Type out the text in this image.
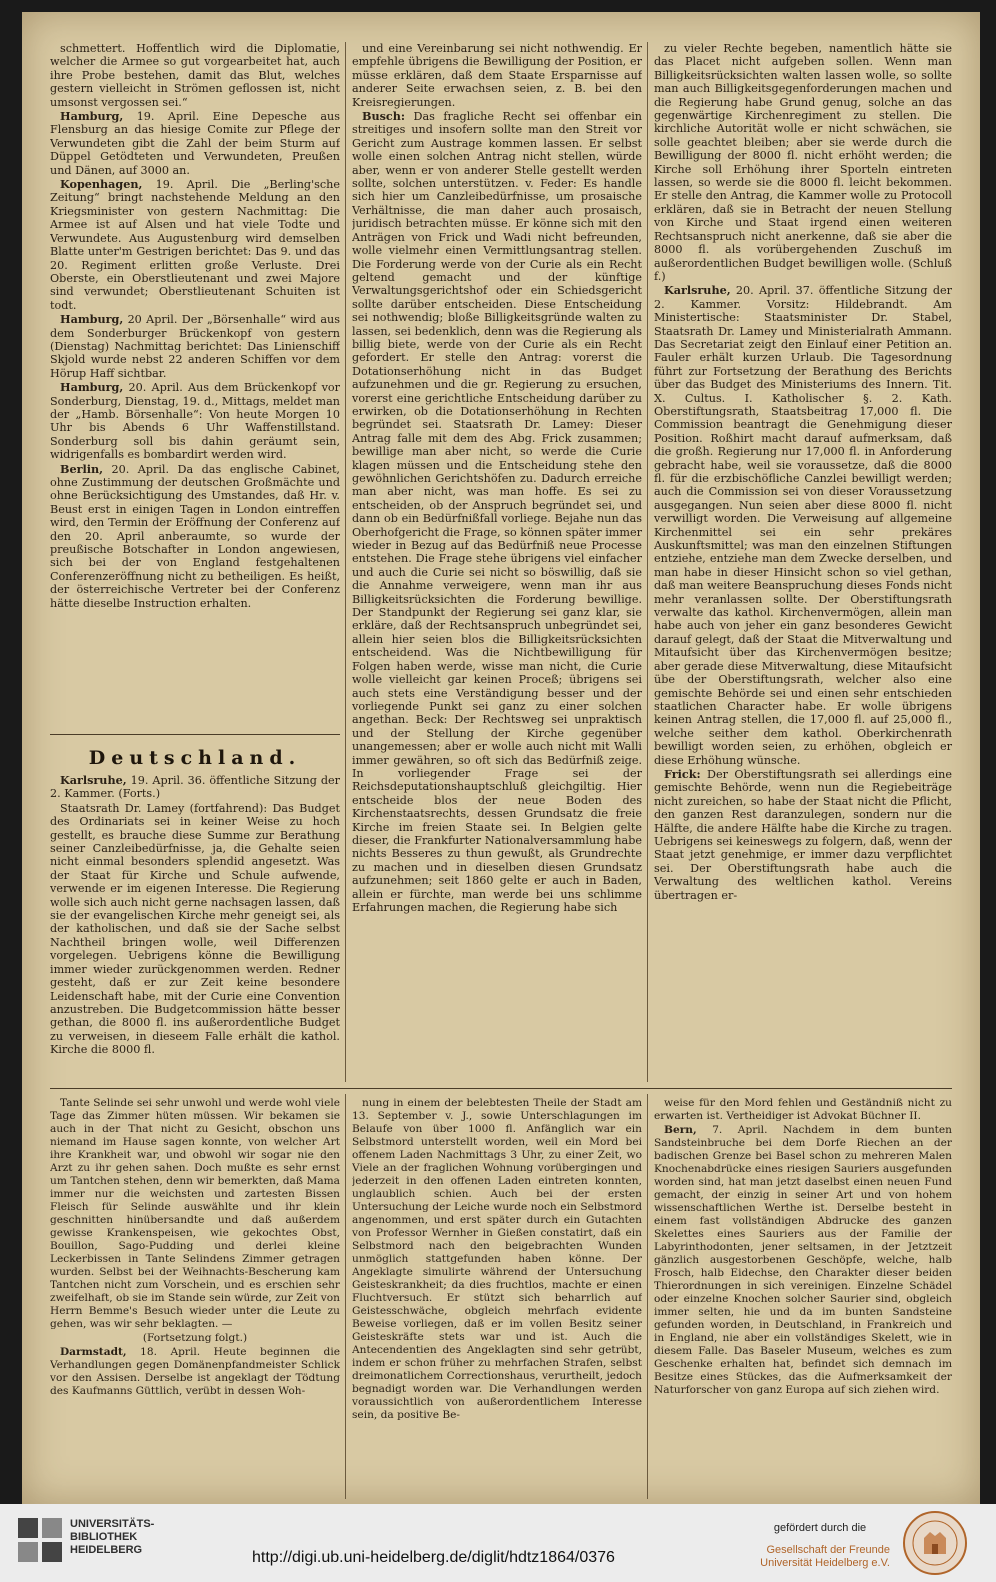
schmettert. Hoffentlich wird die Diplomatie, welcher die Armee so gut vorgearbeitet hat, auch ihre Probe bestehen, damit das Blut, welches gestern vielleicht in Strömen geflossen ist, nicht umsonst vergossen sei.“

Hamburg, 19. April. Eine Depesche aus Flensburg an das hiesige Comite zur Pflege der Verwundeten gibt die Zahl der beim Sturm auf Düppel Getödteten und Verwundeten, Preußen und Dänen, auf 3000 an.

Kopenhagen, 19. April. Die „Berling'sche Zeitung“ bringt nachstehende Meldung an den Kriegsminister von gestern Nachmittag: Die Armee ist auf Alsen und hat viele Todte und Verwundete. Aus Augustenburg wird demselben Blatte unter'm Gestrigen berichtet: Das 9. und das 20. Regiment erlitten große Verluste. Drei Oberste, ein Oberstlieutenant und zwei Majore sind verwundet; Oberstlieutenant Schuiten ist todt.

Hamburg, 20 April. Der „Börsenhalle“ wird aus dem Sonderburger Brückenkopf von gestern (Dienstag) Nachmittag berichtet: Das Linienschiff Skjold wurde nebst 22 anderen Schiffen vor dem Hörup Haff sichtbar.

Hamburg, 20. April. Aus dem Brückenkopf vor Sonderburg, Dienstag, 19. d., Mittags, meldet man der „Hamb. Börsenhalle“: Von heute Morgen 10 Uhr bis Abends 6 Uhr Waffenstillstand. Sonderburg soll bis dahin geräumt sein, widrigenfalls es bombardirt werden wird.

Berlin, 20. April. Da das englische Cabinet, ohne Zustimmung der deutschen Großmächte und ohne Berücksichtigung des Umstandes, daß Hr. v. Beust erst in einigen Tagen in London eintreffen wird, den Termin der Eröffnung der Conferenz auf den 20. April anberaumte, so wurde der preußische Botschafter in London angewiesen, sich bei der von England festgehaltenen Conferenzeröffnung nicht zu betheiligen. Es heißt, der österreichische Vertreter bei der Conferenz hätte dieselbe Instruction erhalten.

Deutschland.

Karlsruhe, 19. April. 36. öffentliche Sitzung der 2. Kammer. (Forts.)

Staatsrath Dr. Lamey (fortfahrend): Das Budget des Ordinariats sei in keiner Weise zu hoch gestellt, es brauche diese Summe zur Berathung seiner Canzleibedürfnisse, ja, die Gehalte seien nicht einmal besonders splendid angesetzt. Was der Staat für Kirche und Schule aufwende, verwende er im eigenen Interesse. Die Regierung wolle sich auch nicht gerne nachsagen lassen, daß sie der evangelischen Kirche mehr geneigt sei, als der katholischen, und daß sie der Sache selbst Nachtheil bringen wolle, weil Differenzen vorgelegen. Uebrigens könne die Bewilligung immer wieder zurückgenommen werden. Redner gesteht, daß er zur Zeit keine besondere Leidenschaft habe, mit der Curie eine Convention anzustreben. Die Budgetcommission hätte besser gethan, die 8000 fl. ins außerordentliche Budget zu verweisen, in dieseem Falle erhält die kathol. Kirche die 8000 fl.

und eine Vereinbarung sei nicht nothwendig. Er empfehle übrigens die Bewilligung der Position, er müsse erklären, daß dem Staate Ersparnisse auf anderer Seite erwachsen seien, z. B. bei den Kreisregierungen.

Busch: Das fragliche Recht sei offenbar ein streitiges und insofern sollte man den Streit vor Gericht zum Austrage kommen lassen. Er selbst wolle einen solchen Antrag nicht stellen, würde aber, wenn er von anderer Stelle gestellt werden sollte, solchen unterstützen. v. Feder: Es handle sich hier um Canzleibedürfnisse, um prosaische Verhältnisse, die man daher auch prosaisch, juridisch betrachten müsse. Er könne sich mit den Anträgen von Frick und Wadi nicht befreunden, wolle vielmehr einen Vermittlungsantrag stellen. Die Forderung werde von der Curie als ein Recht geltend gemacht und der künftige Verwaltungsgerichtshof oder ein Schiedsgericht sollte darüber entscheiden. Diese Entscheidung sei nothwendig; bloße Billigkeitsgründe walten zu lassen, sei bedenklich, denn was die Regierung als billig biete, werde von der Curie als ein Recht gefordert. Er stelle den Antrag: vorerst die Dotationserhöhung nicht in das Budget aufzunehmen und die gr. Regierung zu ersuchen, vorerst eine gerichtliche Entscheidung darüber zu erwirken, ob die Dotationserhöhung in Rechten begründet sei. Staatsrath Dr. Lamey: Dieser Antrag falle mit dem des Abg. Frick zusammen; bewillige man aber nicht, so werde die Curie klagen müssen und die Entscheidung stehe den gewöhnlichen Gerichtshöfen zu. Dadurch erreiche man aber nicht, was man hoffe. Es sei zu entscheiden, ob der Anspruch begründet sei, und dann ob ein Bedürfnißfall vorliege. Bejahe nun das Oberhofgericht die Frage, so können später immer wieder in Bezug auf das Bedürfniß neue Processe entstehen. Die Frage stehe übrigens viel einfacher und auch die Curie sei nicht so böswillig, daß sie die Annahme verweigere, wenn man ihr aus Billigkeitsrücksichten die Forderung bewillige. Der Standpunkt der Regierung sei ganz klar, sie erkläre, daß der Rechtsanspruch unbegründet sei, allein hier seien blos die Billigkeitsrücksichten entscheidend. Was die Nichtbewilligung für Folgen haben werde, wisse man nicht, die Curie wolle vielleicht gar keinen Proceß; übrigens sei auch stets eine Verständigung besser und der vorliegende Punkt sei ganz zu einer solchen angethan. Beck: Der Rechtsweg sei unpraktisch und der Stellung der Kirche gegenüber unangemessen; aber er wolle auch nicht mit Walli immer gewähren, so oft sich das Bedürfniß zeige. In vorliegender Frage sei der Reichsdeputationshauptschluß gleichgiltig. Hier entscheide blos der neue Boden des Kirchenstaatsrechts, dessen Grundsatz die freie Kirche im freien Staate sei. In Belgien gelte dieser, die Frankfurter Nationalversammlung habe nichts Besseres zu thun gewußt, als Grundrechte zu machen und in dieselben diesen Grundsatz aufzunehmen; seit 1860 gelte er auch in Baden, allein er fürchte, man werde bei uns schlimme Erfahrungen machen, die Regierung habe sich

zu vieler Rechte begeben, namentlich hätte sie das Placet nicht aufgeben sollen. Wenn man Billigkeitsrücksichten walten lassen wolle, so sollte man auch Billigkeitsgegenforderungen machen und die Regierung habe Grund genug, solche an das gegenwärtige Kirchenregiment zu stellen. Die kirchliche Autorität wolle er nicht schwächen, sie solle geachtet bleiben; aber sie werde durch die Bewilligung der 8000 fl. nicht erhöht werden; die Kirche soll Erhöhung ihrer Sporteln eintreten lassen, so werde sie die 8000 fl. leicht bekommen. Er stelle den Antrag, die Kammer wolle zu Protocoll erklären, daß sie in Betracht der neuen Stellung von Kirche und Staat irgend einen weiteren Rechtsanspruch nicht anerkenne, daß sie aber die 8000 fl. als vorübergehenden Zuschuß im außerordentlichen Budget bewilligen wolle. (Schluß f.)

Karlsruhe, 20. April. 37. öffentliche Sitzung der 2. Kammer. Vorsitz: Hildebrandt. Am Ministertische: Staatsminister Dr. Stabel, Staatsrath Dr. Lamey und Ministerialrath Ammann. Das Secretariat zeigt den Einlauf einer Petition an. Fauler erhält kurzen Urlaub. Die Tagesordnung führt zur Fortsetzung der Berathung des Berichts über das Budget des Ministeriums des Innern. Tit. X. Cultus. I. Katholischer §. 2. Kath. Oberstiftungsrath, Staatsbeitrag 17,000 fl. Die Commission beantragt die Genehmigung dieser Position. Roßhirt macht darauf aufmerksam, daß die großh. Regierung nur 17,000 fl. in Anforderung gebracht habe, weil sie voraussetze, daß die 8000 fl. für die erzbischöfliche Canzlei bewilligt werden; auch die Commission sei von dieser Voraussetzung ausgegangen. Nun seien aber diese 8000 fl. nicht verwilligt worden. Die Verweisung auf allgemeine Kirchenmittel sei ein sehr prekäres Auskunftsmittel; was man den einzelnen Stiftungen entziehe, entziehe man dem Zwecke derselben, und man habe in dieser Hinsicht schon so viel gethan, daß man weitere Beanspruchung dieses Fonds nicht mehr veranlassen sollte. Der Oberstiftungsrath verwalte das kathol. Kirchenvermögen, allein man habe auch von jeher ein ganz besonderes Gewicht darauf gelegt, daß der Staat die Mitverwaltung und Mitaufsicht über das Kirchenvermögen besitze; aber gerade diese Mitverwaltung, diese Mitaufsicht übe der Oberstiftungsrath, welcher also eine gemischte Behörde sei und einen sehr entschieden staatlichen Character habe. Er wolle übrigens keinen Antrag stellen, die 17,000 fl. auf 25,000 fl., welche seither dem kathol. Oberkirchenrath bewilligt worden seien, zu erhöhen, obgleich er diese Erhöhung wünsche.

Frick: Der Oberstiftungsrath sei allerdings eine gemischte Behörde, wenn nun die Regiebeiträge nicht zureichen, so habe der Staat nicht die Pflicht, den ganzen Rest daranzulegen, sondern nur die Hälfte, die andere Hälfte habe die Kirche zu tragen. Uebrigens sei keineswegs zu folgern, daß, wenn der Staat jetzt genehmige, er immer dazu verpflichtet sei. Der Oberstiftungsrath habe auch die Verwaltung des weltlichen kathol. Vereins übertragen er-

Tante Selinde sei sehr unwohl und werde wohl viele Tage das Zimmer hüten müssen. Wir bekamen sie auch in der That nicht zu Gesicht, obschon uns niemand im Hause sagen konnte, von welcher Art ihre Krankheit war, und obwohl wir sogar nie den Arzt zu ihr gehen sahen. Doch mußte es sehr ernst um Tantchen stehen, denn wir bemerkten, daß Mama immer nur die weichsten und zartesten Bissen Fleisch für Selinde auswählte und ihr klein geschnitten hinübersandte und daß außerdem gewisse Krankenspeisen, wie gekochtes Obst, Bouillon, Sago-Pudding und derlei kleine Leckerbissen in Tante Selindens Zimmer getragen wurden. Selbst bei der Weihnachts-Bescherung kam Tantchen nicht zum Vorschein, und es erschien sehr zweifelhaft, ob sie im Stande sein würde, zur Zeit von Herrn Bemme's Besuch wieder unter die Leute zu gehen, was wir sehr beklagten. —

(Fortsetzung folgt.)

Darmstadt, 18. April. Heute beginnen die Verhandlungen gegen Domänenpfandmeister Schlick vor den Assisen. Derselbe ist angeklagt der Tödtung des Kaufmanns Güttlich, verübt in dessen Woh-

nung in einem der belebtesten Theile der Stadt am 13. September v. J., sowie Unterschlagungen im Belaufe von über 1000 fl. Anfänglich war ein Selbstmord unterstellt worden, weil ein Mord bei offenem Laden Nachmittags 3 Uhr, zu einer Zeit, wo Viele an der fraglichen Wohnung vorübergingen und jederzeit in den offenen Laden eintreten konnten, unglaublich schien. Auch bei der ersten Untersuchung der Leiche wurde noch ein Selbstmord angenommen, und erst später durch ein Gutachten von Professor Wernher in Gießen constatirt, daß ein Selbstmord nach den beigebrachten Wunden unmöglich stattgefunden haben könne. Der Angeklagte simulirte während der Untersuchung Geisteskrankheit; da dies fruchtlos, machte er einen Fluchtversuch. Er stützt sich beharrlich auf Geistesschwäche, obgleich mehrfach evidente Beweise vorliegen, daß er im vollen Besitz seiner Geisteskräfte stets war und ist. Auch die Antecendentien des Angeklagten sind sehr getrübt, indem er schon früher zu mehrfachen Strafen, selbst dreimonatlichem Correctionshaus, verurtheilt, jedoch begnadigt worden war. Die Verhandlungen werden voraussichtlich von außerordentlichem Interesse sein, da positive Be-

weise für den Mord fehlen und Geständniß nicht zu erwarten ist. Vertheidiger ist Advokat Büchner II.

Bern, 7. April. Nachdem in dem bunten Sandsteinbruche bei dem Dorfe Riechen an der badischen Grenze bei Basel schon zu mehreren Malen Knochenabdrücke eines riesigen Sauriers ausgefunden worden sind, hat man jetzt daselbst einen neuen Fund gemacht, der einzig in seiner Art und von hohem wissenschaftlichen Werthe ist. Derselbe besteht in einem fast vollständigen Abdrucke des ganzen Skelettes eines Sauriers aus der Familie der Labyrinthodonten, jener seltsamen, in der Jetztzeit gänzlich ausgestorbenen Geschöpfe, welche, halb Frosch, halb Eidechse, den Charakter dieser beiden Thierordnungen in sich vereinigen. Einzelne Schädel oder einzelne Knochen solcher Saurier sind, obgleich immer selten, hie und da im bunten Sandsteine gefunden worden, in Deutschland, in Frankreich und in England, nie aber ein vollständiges Skelett, wie in diesem Falle. Das Baseler Museum, welches es zum Geschenke erhalten hat, befindet sich demnach im Besitze eines Stückes, das die Aufmerksamkeit der Naturforscher von ganz Europa auf sich ziehen wird.

UNIVERSITÄTS-
BIBLIOTHEK
HEIDELBERG	http://digi.ub.uni-heidelberg.de/diglit/hdtz1864/0376
gefördert durch die
Gesellschaft der Freunde
Universität Heidelberg e.V.
